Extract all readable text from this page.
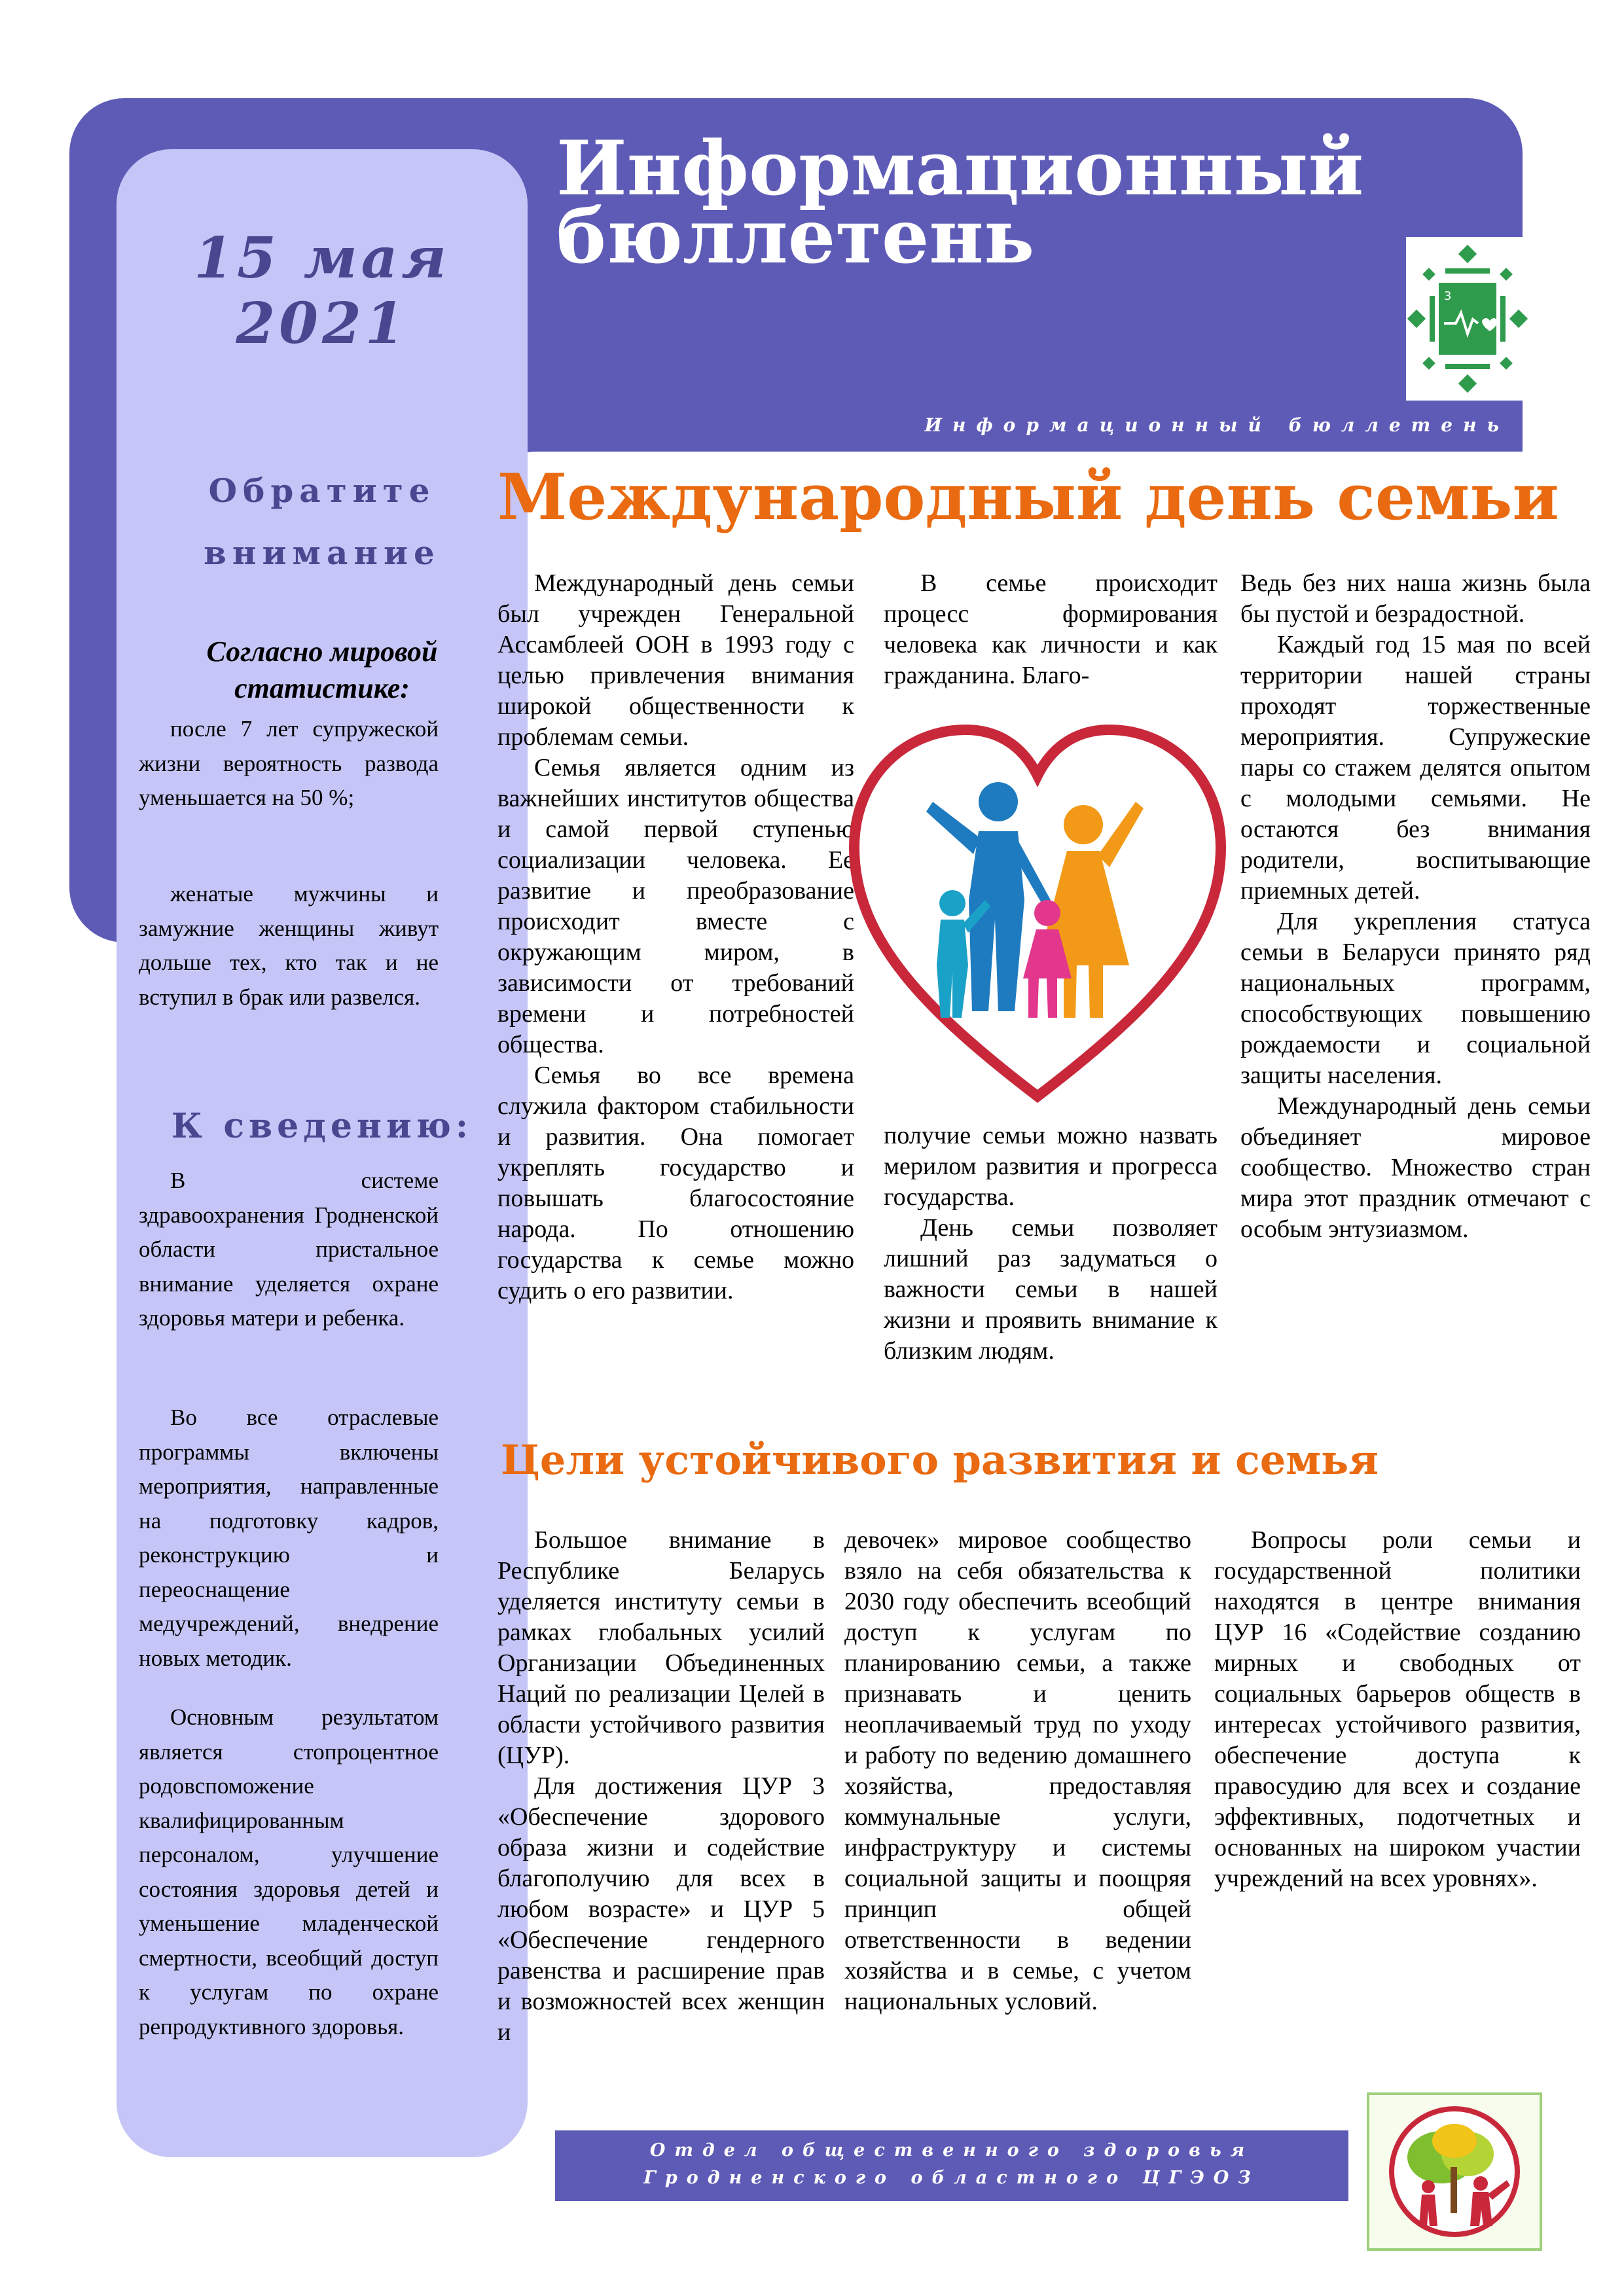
Информационный
бюллетень
3
Информационный бюллетень
15 мая
2021
Обратите
внимание
Согласно мировой
статистике:

после 7 лет супружеской жизни вероятность развода уменьшается на 50 %;

женатые мужчины и замужние женщины живут дольше тех, кто так и не вступил в брак или развелся.

К сведению:

В системе здравоохранения Гродненской области пристальное внимание уделяется охране здоровья матери и ребенка.

Во все отраслевые программы включены мероприятия, направленные на подготовку кадров, реконструкцию и переоснащение медучреждений, внедрение новых методик.

Основным результатом является стопроцентное родовспоможение квалифицированным персоналом, улучшение состояния здоровья детей и уменьшение младенческой смертности, всеобщий доступ к услугам по охране репродуктивного здоровья.

Международный день семьи

Международный день семьи был учрежден Генеральной Ассамблеей ООН в 1993 году с целью привлечения внимания широкой общественности к проблемам семьи.

Семья является одним из важнейших институтов общества и самой первой ступенью социализации человека. Ее развитие и преобразование происходит вместе с окружающим миром, в зависимости от требований времени и потребностей общества.

Семья во все времена служила фактором стабильности и развития. Она помогает укреплять государство и повышать благосостояние народа. По отношению государства к семье можно судить о его развитии.

В семье происходит процесс формирования человека как личности и как гражданина. Благо-

получие семьи можно назвать мерилом развития и прогресса государства.

День семьи позволяет лишний раз задуматься о важности семьи в нашей жизни и проявить внимание к близким людям.

Ведь без них наша жизнь была бы пустой и безрадостной.

Каждый год 15 мая по всей территории нашей страны проходят торжественные мероприятия. Супружеские пары со стажем делятся опытом с молодыми семьями. Не остаются без внимания родители, воспитывающие приемных детей.

Для укрепления статуса семьи в Беларуси принято ряд национальных программ, способствующих повышению рождаемости и социальной защиты населения.

Международный день семьи объединяет мировое сообщество. Множество стран мира этот праздник отмечают с особым энтузиазмом.

Цели устойчивого развития и семья

Большое внимание в Республике Беларусь уделяется институту семьи в рамках глобальных усилий Организации Объединенных Наций по реализации Целей в области устойчивого развития (ЦУР).

Для достижения ЦУР 3 «Обеспечение здорового образа жизни и содействие благополучию для всех в любом возрасте» и ЦУР 5 «Обеспечение гендерного равенства и расширение прав и возможностей всех женщин и

девочек» мировое сообщество взяло на себя обязательства к 2030 году обеспечить всеобщий доступ к услугам по планированию семьи, а также признавать и ценить неоплачиваемый труд по уходу и работу по ведению домашнего хозяйства, предоставляя коммунальные услуги, инфраструктуру и системы социальной защиты и поощряя принцип общей ответственности в ведении хозяйства и в семье, с учетом национальных условий.

Вопросы роли семьи и государственной политики находятся в центре внимания ЦУР 16 «Содействие созданию мирных и свободных от социальных барьеров обществ в интересах устойчивого развития, обеспечение доступа к правосудию для всех и создание эффективных, подотчетных и основанных на широком участии учреждений на всех уровнях».

Отдел общественного здоровья
Гродненского областного ЦГЭОЗ
